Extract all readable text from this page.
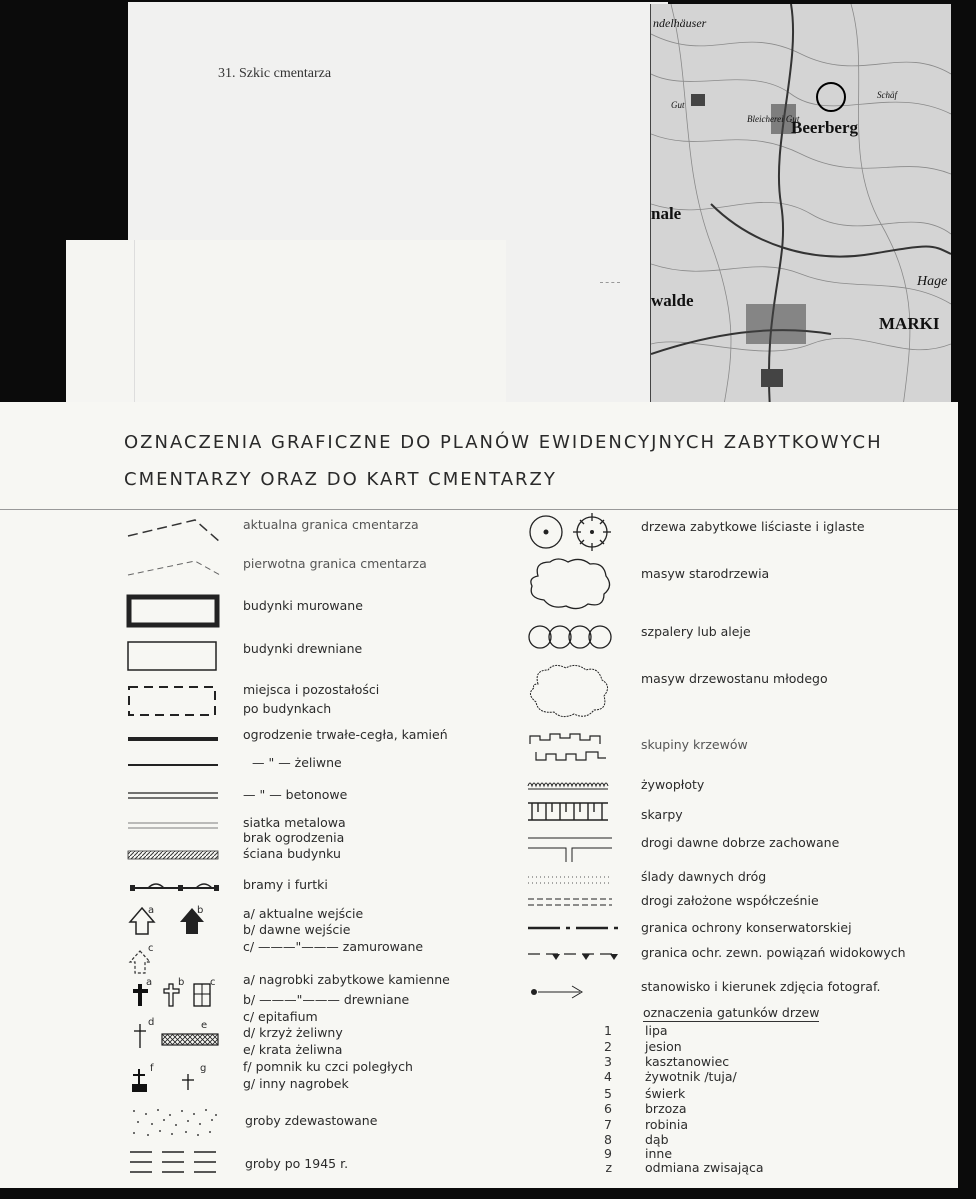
31. Szkic cmentarza
ndelhäuser
Beerberg
nale
walde
MARKI
Hage
Schäf
Gut
Bleicherei Gut
OZNACZENIA GRAFICZNE DO PLANÓW EWIDENCYJNYCH ZABYTKOWYCH
CMENTARZY ORAZ DO KART CMENTARZY
a	b
c
a	b	c
d	e
f	g
aktualna granica cmentarza
pierwotna granica cmentarza
budynki murowane
budynki drewniane
miejsca i pozostałości
po budynkach
ogrodzenie trwałe-cegła, kamień
— " — żeliwne
— " — betonowe
siatka metalowa
brak ogrodzenia
ściana budynku
bramy i furtki
a/ aktualne wejście
b/ dawne wejście
c/ ———"——— zamurowane
a/ nagrobki zabytkowe kamienne
b/ ———"——— drewniane
c/ epitafium
d/ krzyż żeliwny
e/ krata żeliwna
f/ pomnik ku czci poległych
g/ inny nagrobek
groby zdewastowane
groby po 1945 r.
drzewa zabytkowe liściaste i iglaste
masyw starodrzewia
szpalery lub aleje
masyw drzewostanu młodego
skupiny krzewów
żywopłoty
skarpy
drogi dawne dobrze zachowane
ślady dawnych dróg
drogi założone współcześnie
granica ochrony konserwatorskiej
granica ochr. zewn. powiązań widokowych
stanowisko i kierunek zdjęcia fotograf.
oznaczenia gatunków drzew
1	lipa
2	jesion
3	kasztanowiec
4	żywotnik /tuja/
5	świerk
6	brzoza
7	robinia
8	dąb
9	inne
z	odmiana zwisająca
